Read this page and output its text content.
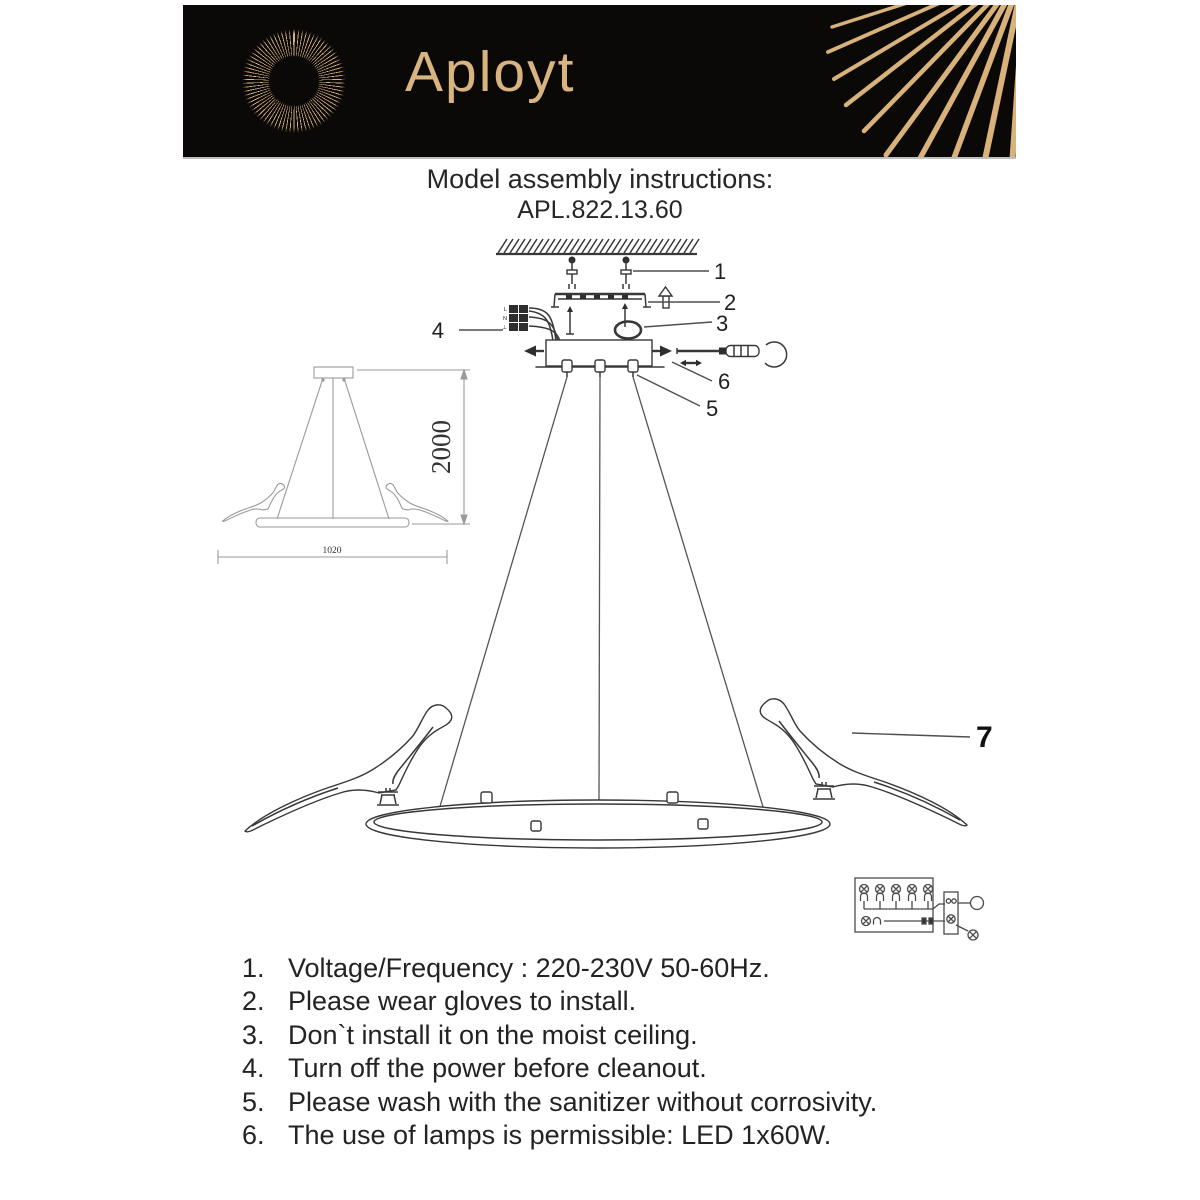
Aployt
Model assembly instructions:
APL.822.13.60
1
2
3
L
N
⊥
4
5
6
7
2000
1020
1. Voltage/Frequency : 220-230V 50-60Hz.
2. Please wear gloves to install.
3. Don`t install it on the moist ceiling.
4. Turn off the power before cleanout.
5. Please wash with the sanitizer without corrosivity.
6. The use of lamps is permissible: LED 1x60W.
